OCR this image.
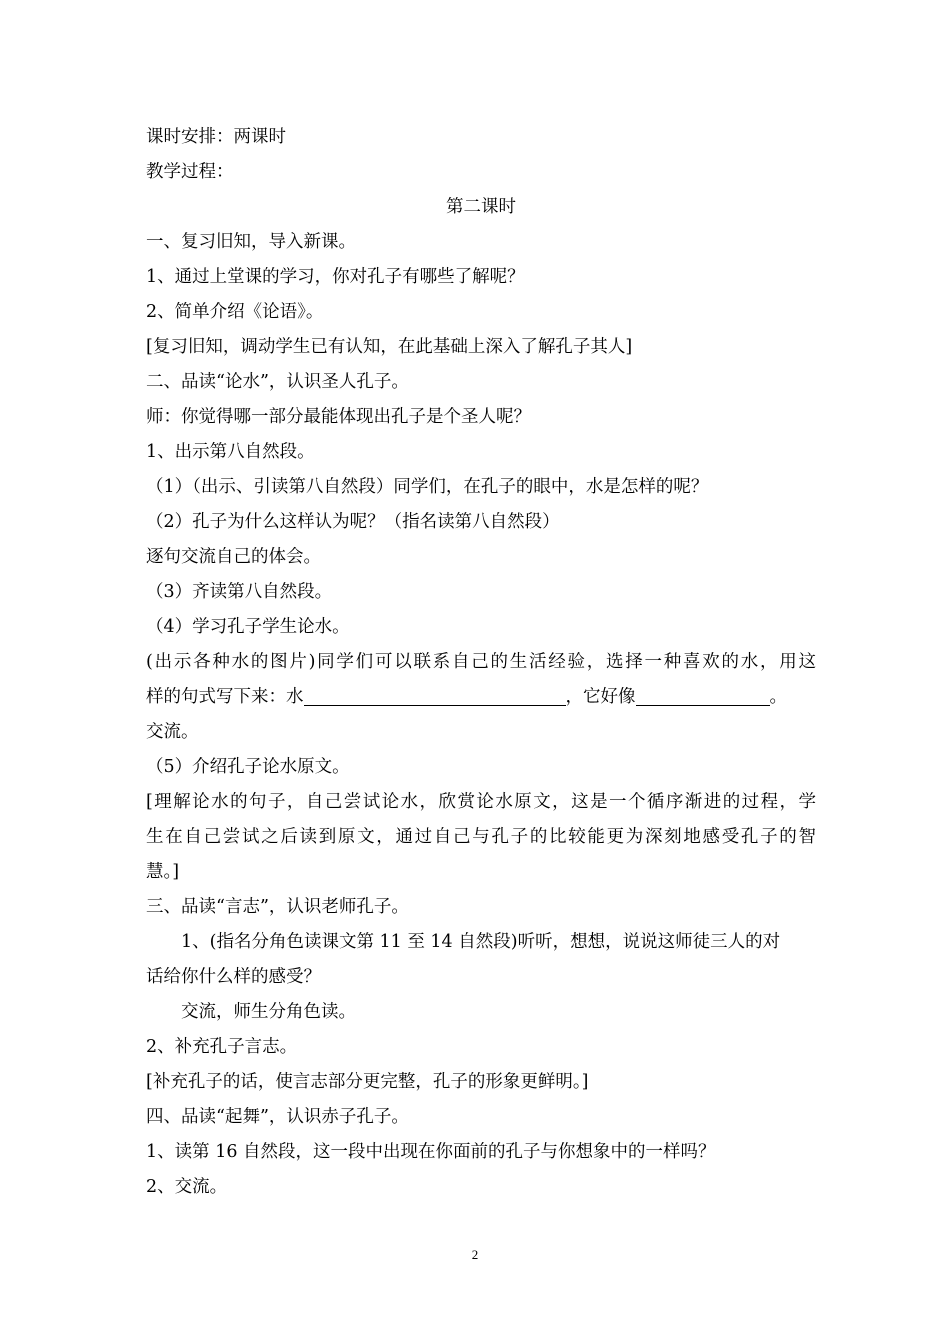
课时安排：两课时
教学过程：
第二课时
一、复习旧知，导入新课。
1、通过上堂课的学习，你对孔子有哪些了解呢？
2、简单介绍《论语》。
[复习旧知，调动学生已有认知，在此基础上深入了解孔子其人]
二、品读“论水”，认识圣人孔子。
师：你觉得哪一部分最能体现出孔子是个圣人呢？
1、出示第八自然段。
（1）（出示、引读第八自然段）同学们，在孔子的眼中，水是怎样的呢？
（2）孔子为什么这样认为呢？（指名读第八自然段）
逐句交流自己的体会。
（3）齐读第八自然段。
（4）学习孔子学生论水。
(出示各种水的图片)同学们可以联系自己的生活经验，选择一种喜欢的水，用这
样的句式写下来：水	，它好像	。
交流。
（5）介绍孔子论水原文。
[理解论水的句子，自己尝试论水，欣赏论水原文，这是一个循序渐进的过程，学
生在自己尝试之后读到原文，通过自己与孔子的比较能更为深刻地感受孔子的智
慧。]
三、品读“言志”，认识老师孔子。
1、(指名分角色读课文第 11 至 14 自然段)听听，想想，说说这师徒三人的对
话给你什么样的感受？
交流，师生分角色读。
2、补充孔子言志。
[补充孔子的话，使言志部分更完整，孔子的形象更鲜明。]
四、品读“起舞”，认识赤子孔子。
1、读第 16 自然段，这一段中出现在你面前的孔子与你想象中的一样吗？
2、交流。
2
